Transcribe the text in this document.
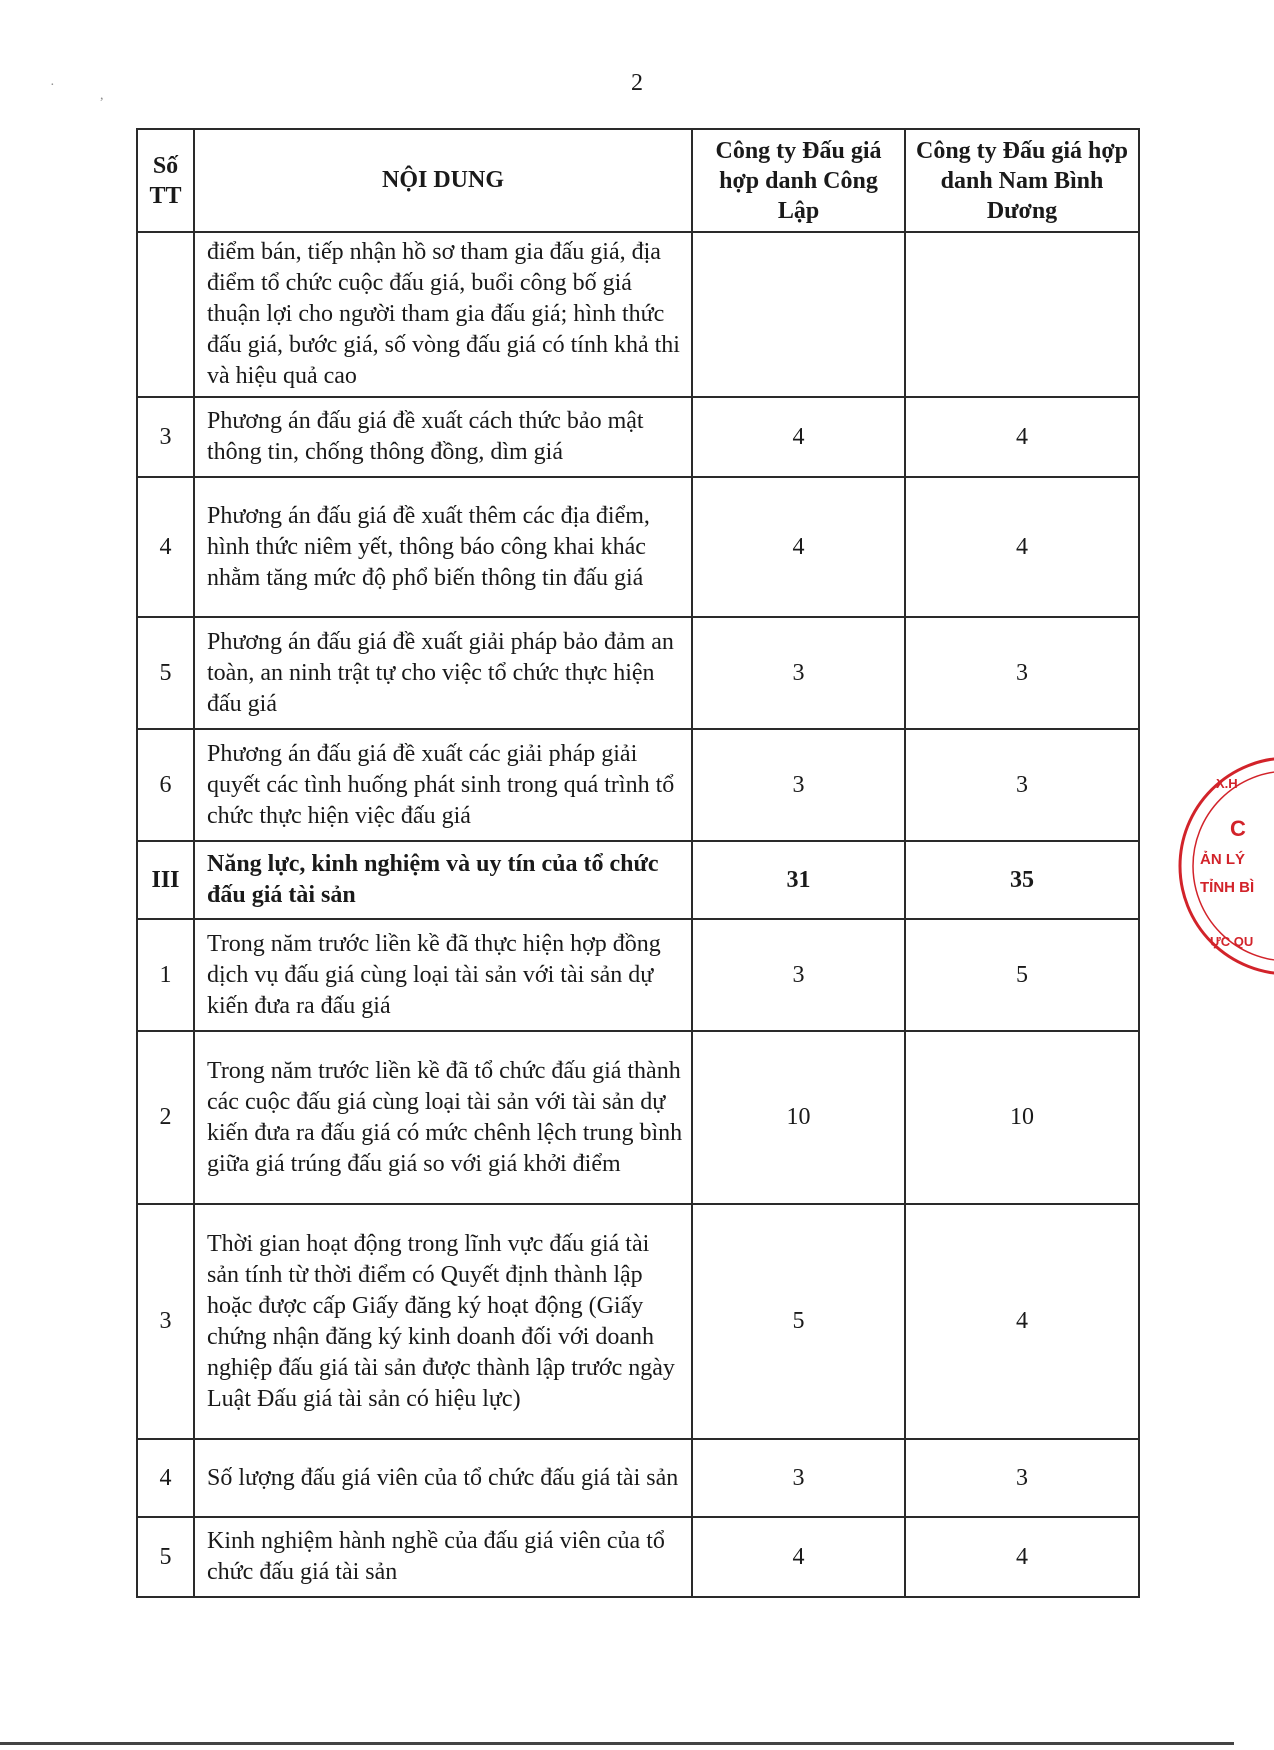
2
Số TT	NỘI DUNG	Công ty Đấu giá hợp danh Công Lập	Công ty Đấu giá hợp danh Nam Bình Dương
	điểm bán, tiếp nhận hồ sơ tham gia đấu giá, địa điểm tổ chức cuộc đấu giá, buổi công bố giá thuận lợi cho người tham gia đấu giá; hình thức đấu giá, bước giá, số vòng đấu giá có tính khả thi và hiệu quả cao		
3	Phương án đấu giá đề xuất cách thức bảo mật thông tin, chống thông đồng, dìm giá	4	4
4	Phương án đấu giá đề xuất thêm các địa điểm, hình thức niêm yết, thông báo công khai khác nhằm tăng mức độ phổ biến thông tin đấu giá	4	4
5	Phương án đấu giá đề xuất giải pháp bảo đảm an toàn, an ninh trật tự cho việc tổ chức thực hiện đấu giá	3	3
6	Phương án đấu giá đề xuất các giải pháp giải quyết các tình huống phát sinh trong quá trình tổ chức thực hiện việc đấu giá	3	3
III	Năng lực, kinh nghiệm và uy tín của tổ chức đấu giá tài sản	31	35
1	Trong năm trước liền kề đã thực hiện hợp đồng dịch vụ đấu giá cùng loại tài sản với tài sản dự kiến đưa ra đấu giá	3	5
2	Trong năm trước liền kề đã tổ chức đấu giá thành các cuộc đấu giá cùng loại tài sản với tài sản dự kiến đưa ra đấu giá có mức chênh lệch trung bình giữa giá trúng đấu giá so với giá khởi điểm	10	10
3	Thời gian hoạt động trong lĩnh vực đấu giá tài sản tính từ thời điểm có Quyết định thành lập hoặc được cấp Giấy đăng ký hoạt động (Giấy chứng nhận đăng ký kinh doanh đối với doanh nghiệp đấu giá tài sản được thành lập trước ngày Luật Đấu giá tài sản có hiệu lực)	5	4
4	Số lượng đấu giá viên của tổ chức đấu giá tài sản	3	3
5	Kinh nghiệm hành nghề của đấu giá viên của tổ chức đấu giá tài sản	4	4
X.H
C
ẢN LÝ
TỈNH BÌ
ỰC QU
·
,
